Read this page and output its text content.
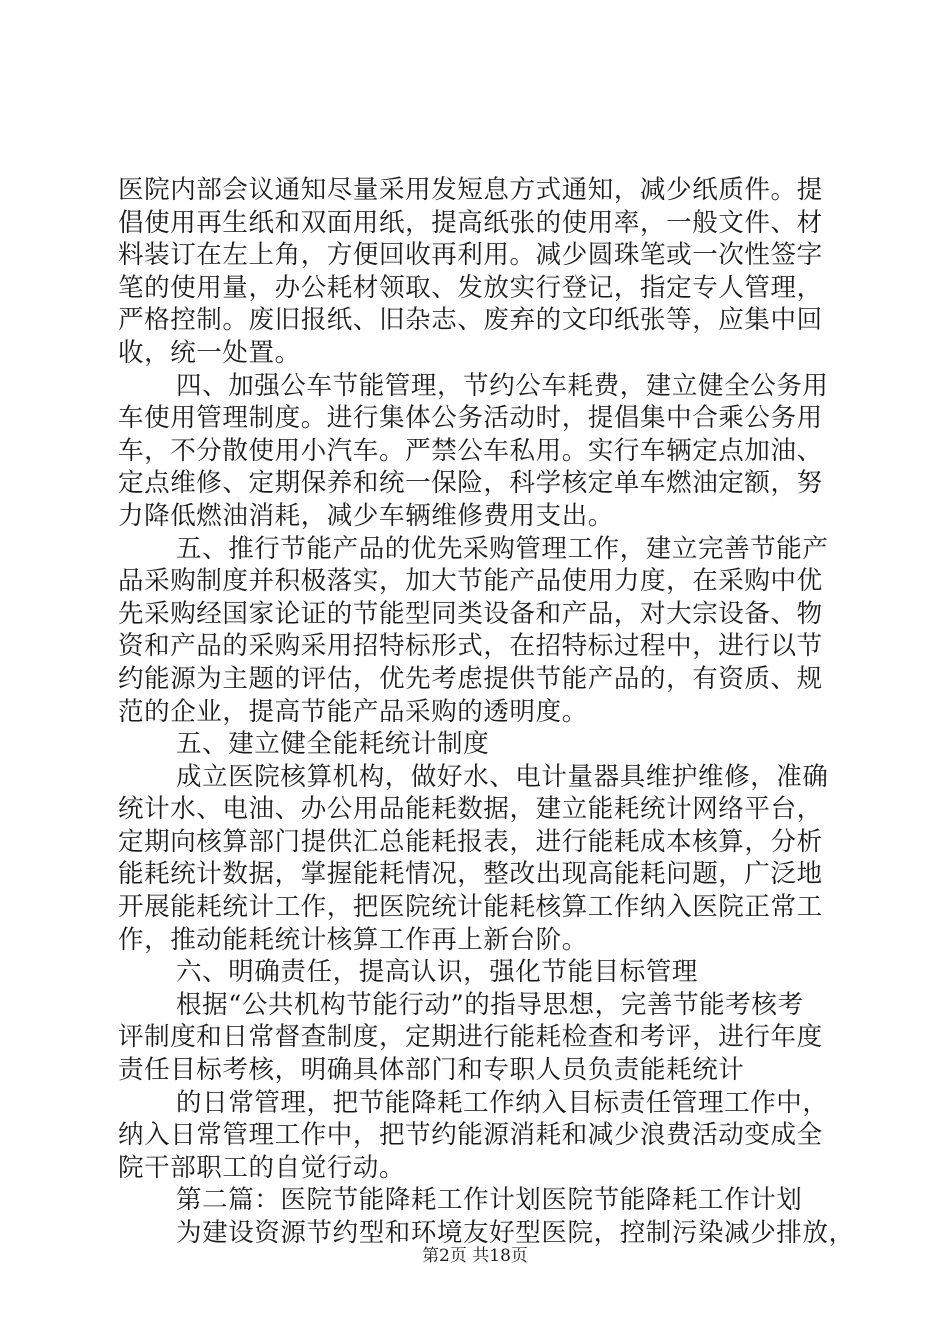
医院内部会议通知尽量采用发短息方式通知，减少纸质件。提
倡使用再生纸和双面用纸，提高纸张的使用率，一般文件、材
料装订在左上角，方便回收再利用。减少圆珠笔或一次性签字
笔的使用量，办公耗材领取、发放实行登记，指定专人管理，
严格控制。废旧报纸、旧杂志、废弃的文印纸张等，应集中回
收，统一处置。
四、加强公车节能管理，节约公车耗费，建立健全公务用
车使用管理制度。进行集体公务活动时，提倡集中合乘公务用
车，不分散使用小汽车。严禁公车私用。实行车辆定点加油、
定点维修、定期保养和统一保险，科学核定单车燃油定额，努
力降低燃油消耗，减少车辆维修费用支出。
五、推行节能产品的优先采购管理工作，建立完善节能产
品采购制度并积极落实，加大节能产品使用力度，在采购中优
先采购经国家论证的节能型同类设备和产品，对大宗设备、物
资和产品的采购采用招特标形式，在招特标过程中，进行以节
约能源为主题的评估，优先考虑提供节能产品的，有资质、规
范的企业，提高节能产品采购的透明度。
五、建立健全能耗统计制度
成立医院核算机构，做好水、电计量器具维护维修，准确
统计水、电油、办公用品能耗数据，建立能耗统计网络平台，
定期向核算部门提供汇总能耗报表，进行能耗成本核算，分析
能耗统计数据，掌握能耗情况，整改出现高能耗问题，广泛地
开展能耗统计工作，把医院统计能耗核算工作纳入医院正常工
作，推动能耗统计核算工作再上新台阶。
六、明确责任，提高认识，强化节能目标管理
根据“公共机构节能行动”的指导思想，完善节能考核考
评制度和日常督查制度，定期进行能耗检查和考评，进行年度
责任目标考核，明确具体部门和专职人员负责能耗统计
的日常管理，把节能降耗工作纳入目标责任管理工作中，
纳入日常管理工作中，把节约能源消耗和减少浪费活动变成全
院干部职工的自觉行动。
第二篇：医院节能降耗工作计划医院节能降耗工作计划
为建设资源节约型和环境友好型医院，控制污染减少排放，
第2页 共18页
